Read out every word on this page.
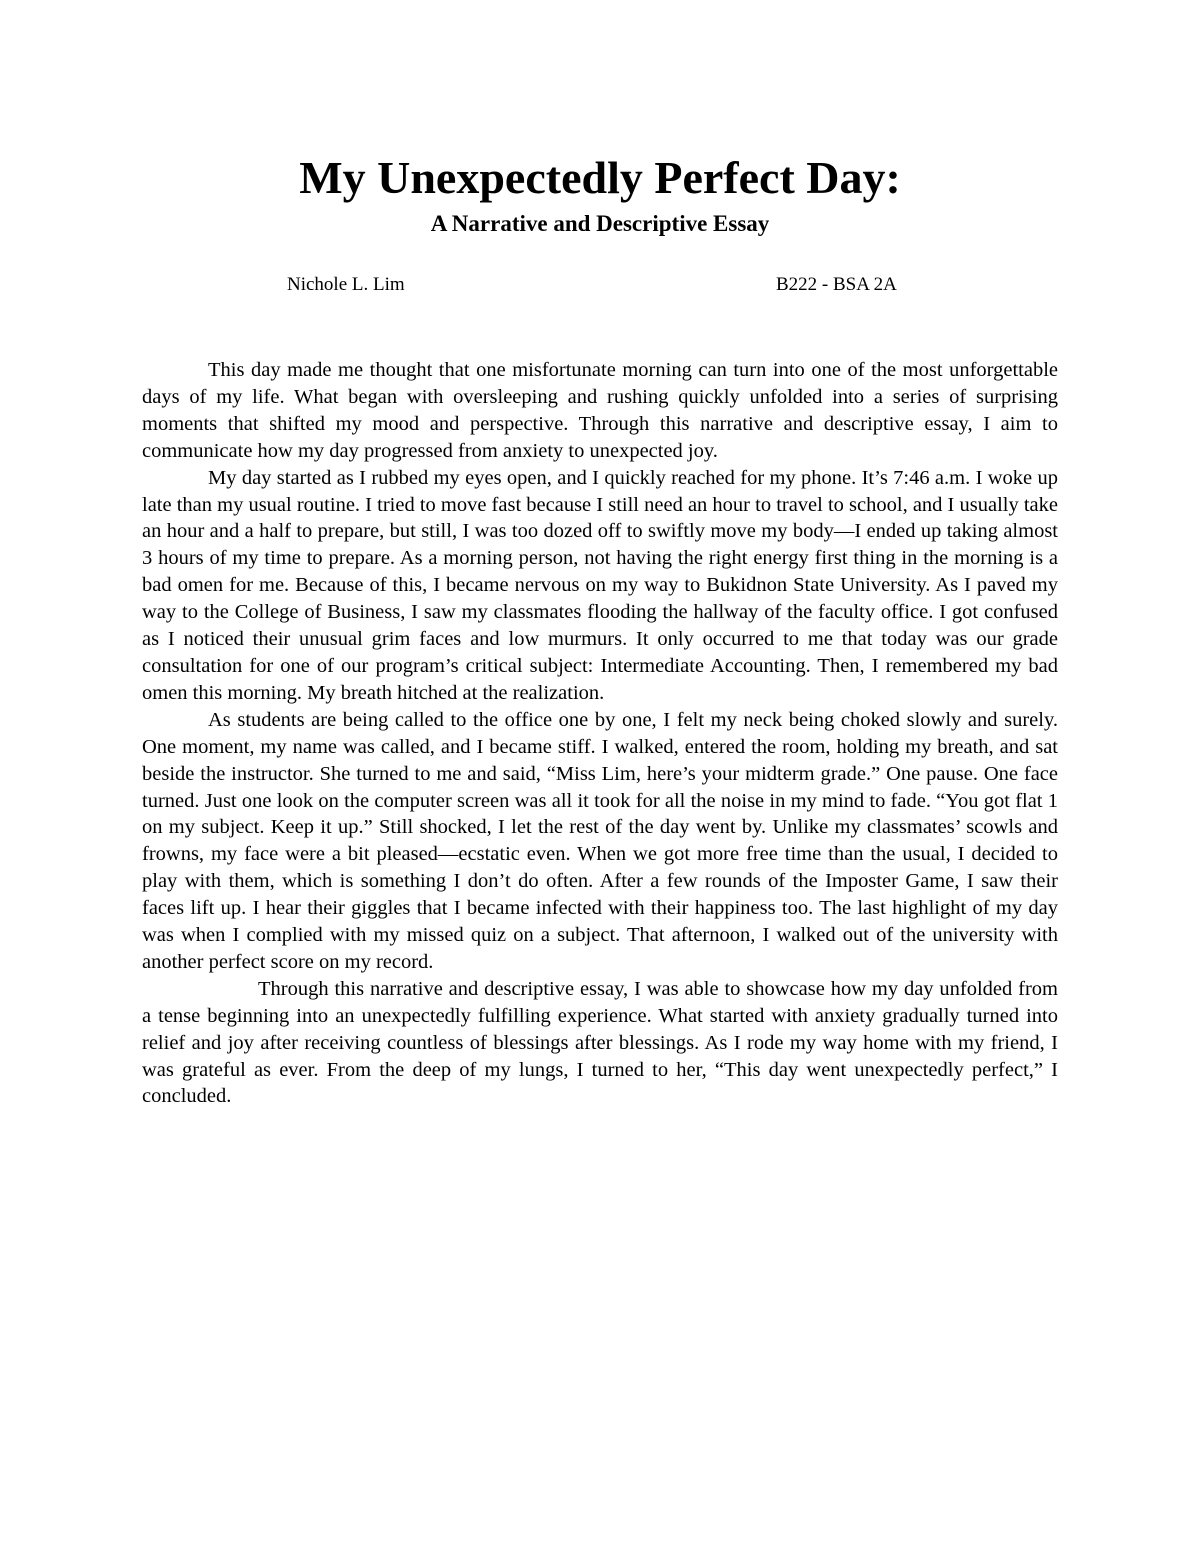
My Unexpectedly Perfect Day:
A Narrative and Descriptive Essay
Nichole L. Lim	B222 - BSA 2A

This day made me thought that one misfortunate morning can turn into one of the most unforgettable days of my life. What began with oversleeping and rushing quickly unfolded into a series of surprising moments that shifted my mood and perspective. Through this narrative and descriptive essay, I aim to communicate how my day progressed from anxiety to unexpected joy.

My day started as I rubbed my eyes open, and I quickly reached for my phone. It’s 7:46 a.m. I woke up late than my usual routine. I tried to move fast because I still need an hour to travel to school, and I usually take an hour and a half to prepare, but still, I was too dozed off to swiftly move my body—I ended up taking almost 3 hours of my time to prepare. As a morning person, not having the right energy first thing in the morning is a bad omen for me. Because of this, I became nervous on my way to Bukidnon State University. As I paved my way to the College of Business, I saw my classmates flooding the hallway of the faculty office. I got confused as I noticed their unusual grim faces and low murmurs. It only occurred to me that today was our grade consultation for one of our program’s critical subject: Intermediate Accounting. Then, I remembered my bad omen this morning. My breath hitched at the realization.

As students are being called to the office one by one, I felt my neck being choked slowly and surely. One moment, my name was called, and I became stiff. I walked, entered the room, holding my breath, and sat beside the instructor. She turned to me and said, “Miss Lim, here’s your midterm grade.” One pause. One face turned. Just one look on the computer screen was all it took for all the noise in my mind to fade. “You got flat 1 on my subject. Keep it up.” Still shocked, I let the rest of the day went by. Unlike my classmates’ scowls and frowns, my face were a bit pleased—ecstatic even. When we got more free time than the usual, I decided to play with them, which is something I don’t do often. After a few rounds of the Imposter Game, I saw their faces lift up. I hear their giggles that I became infected with their happiness too. The last highlight of my day was when I complied with my missed quiz on a subject. That afternoon, I walked out of the university with another perfect score on my record.

Through this narrative and descriptive essay, I was able to showcase how my day unfolded from a tense beginning into an unexpectedly fulfilling experience. What started with anxiety gradually turned into relief and joy after receiving countless of blessings after blessings. As I rode my way home with my friend, I was grateful as ever. From the deep of my lungs, I turned to her, “This day went unexpectedly perfect,” I concluded.
